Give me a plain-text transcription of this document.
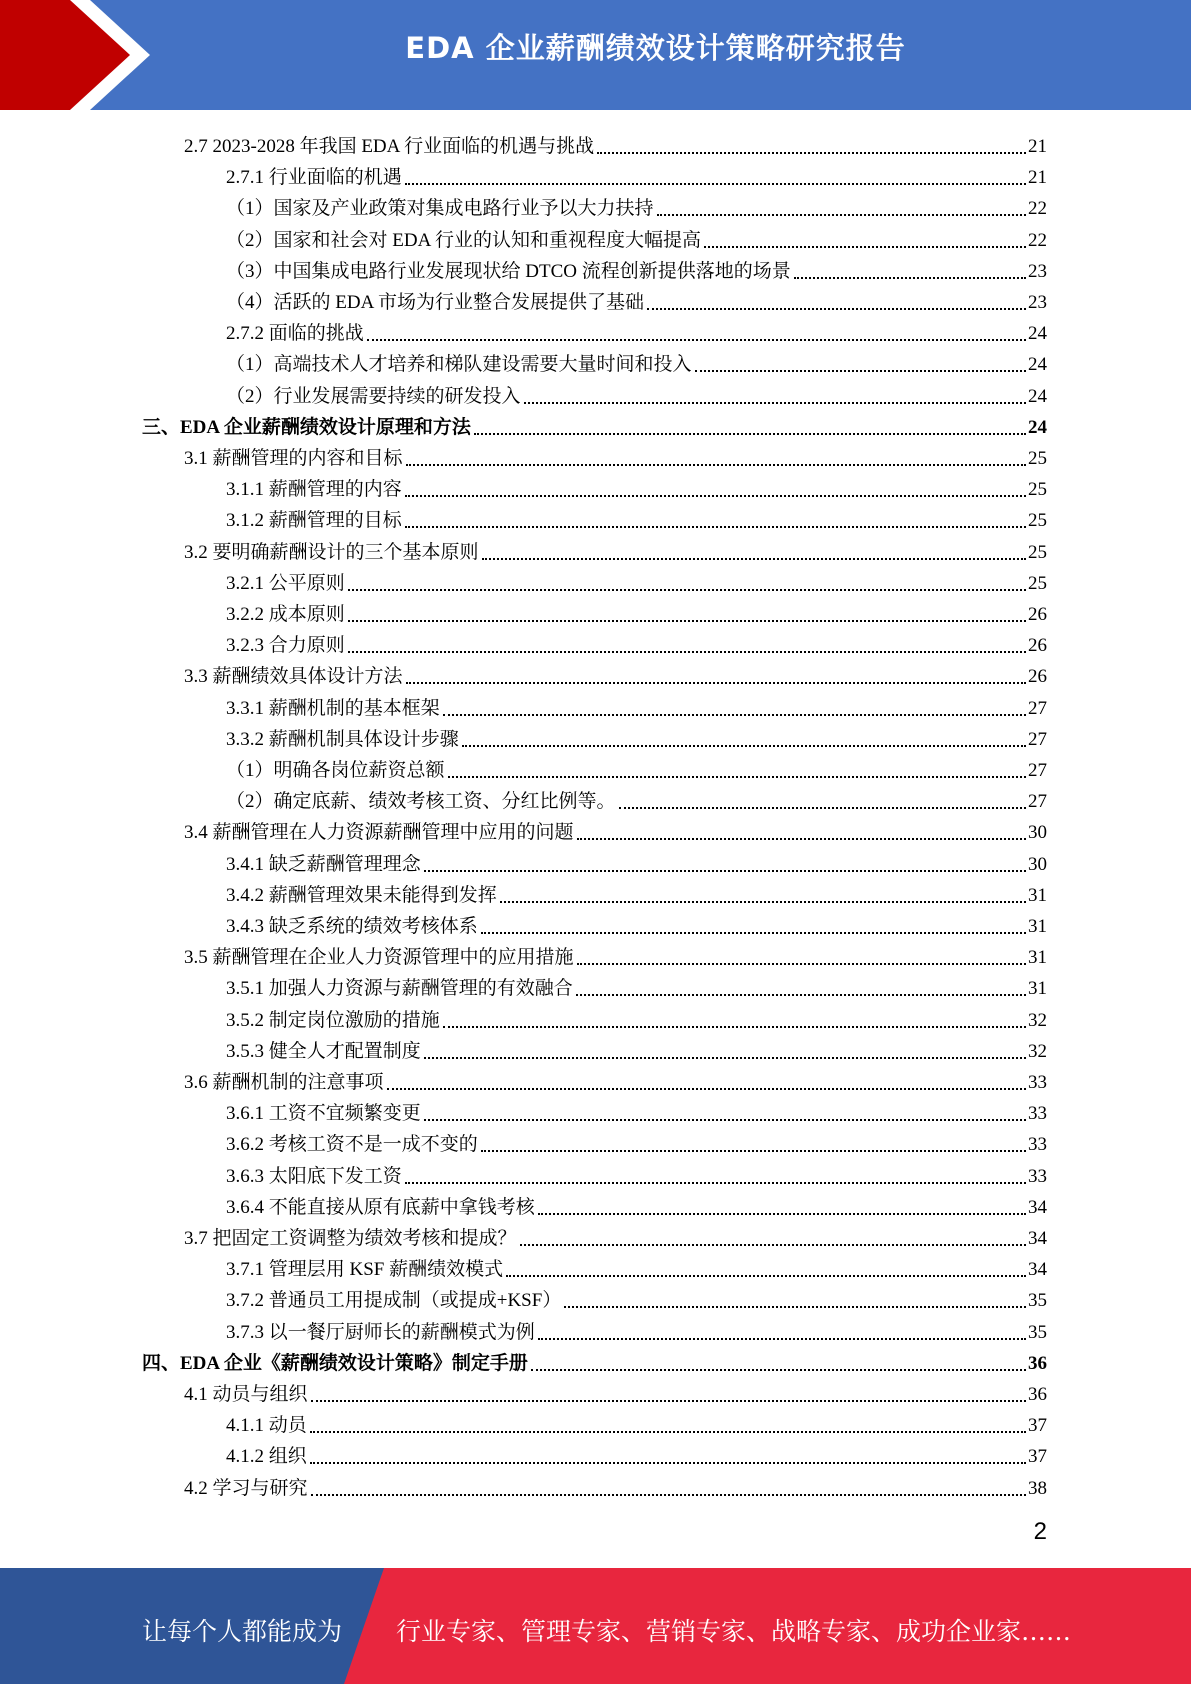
EDA 企业薪酬绩效设计策略研究报告
2.7 2023-2028 年我国 EDA 行业面临的机遇与挑战	21
2.7.1 行业面临的机遇	21
（1）国家及产业政策对集成电路行业予以大力扶持	22
（2）国家和社会对 EDA 行业的认知和重视程度大幅提高	22
（3）中国集成电路行业发展现状给 DTCO 流程创新提供落地的场景	23
（4）活跃的 EDA 市场为行业整合发展提供了基础	23
2.7.2 面临的挑战	24
（1）高端技术人才培养和梯队建设需要大量时间和投入	24
（2）行业发展需要持续的研发投入	24
三、EDA 企业薪酬绩效设计原理和方法	24
3.1 薪酬管理的内容和目标	25
3.1.1 薪酬管理的内容	25
3.1.2 薪酬管理的目标	25
3.2 要明确薪酬设计的三个基本原则	25
3.2.1 公平原则	25
3.2.2 成本原则	26
3.2.3 合力原则	26
3.3 薪酬绩效具体设计方法	26
3.3.1 薪酬机制的基本框架	27
3.3.2 薪酬机制具体设计步骤	27
（1）明确各岗位薪资总额	27
（2）确定底薪、绩效考核工资、分红比例等。	27
3.4 薪酬管理在人力资源薪酬管理中应用的问题	30
3.4.1 缺乏薪酬管理理念	30
3.4.2 薪酬管理效果未能得到发挥	31
3.4.3 缺乏系统的绩效考核体系	31
3.5 薪酬管理在企业人力资源管理中的应用措施	31
3.5.1 加强人力资源与薪酬管理的有效融合	31
3.5.2 制定岗位激励的措施	32
3.5.3 健全人才配置制度	32
3.6 薪酬机制的注意事项	33
3.6.1 工资不宜频繁变更	33
3.6.2 考核工资不是一成不变的	33
3.6.3 太阳底下发工资	33
3.6.4 不能直接从原有底薪中拿钱考核	34
3.7 把固定工资调整为绩效考核和提成？	34
3.7.1 管理层用 KSF 薪酬绩效模式	34
3.7.2 普通员工用提成制（或提成+KSF）	35
3.7.3 以一餐厅厨师长的薪酬模式为例	35
四、EDA 企业《薪酬绩效设计策略》制定手册	36
4.1 动员与组织	36
4.1.1 动员	37
4.1.2 组织	37
4.2 学习与研究	38
2
让每个人都能成为 行业专家、管理专家、营销专家、战略专家、成功企业家……
